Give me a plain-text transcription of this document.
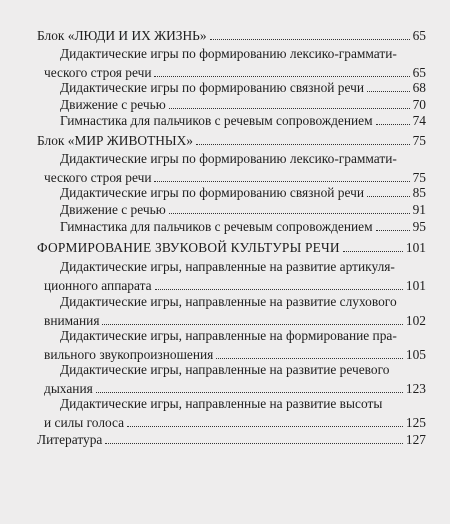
Блок «ЛЮДИ И ИХ ЖИЗНЬ»	65
Дидактические игры по формированию лексико-граммати-
ческого строя речи	65
Дидактические игры по формированию связной речи	68
Движение с речью	70
Гимнастика для пальчиков с речевым сопровождением	74
Блок «МИР ЖИВОТНЫХ»	75
Дидактические игры по формированию лексико-граммати-
ческого строя речи	75
Дидактические игры по формированию связной речи	85
Движение с речью	91
Гимнастика для пальчиков с речевым сопровождением	95
ФОРМИРОВАНИЕ ЗВУКОВОЙ КУЛЬТУРЫ РЕЧИ	101
Дидактические игры, направленные на развитие артикуля-
ционного аппарата	101
Дидактические игры, направленные на развитие слухового
внимания	102
Дидактические игры, направленные на формирование пра-
вильного звукопроизношения	105
Дидактические игры, направленные на развитие речевого
дыхания	123
Дидактические игры, направленные на развитие высоты
и силы голоса	125
Литература	127
